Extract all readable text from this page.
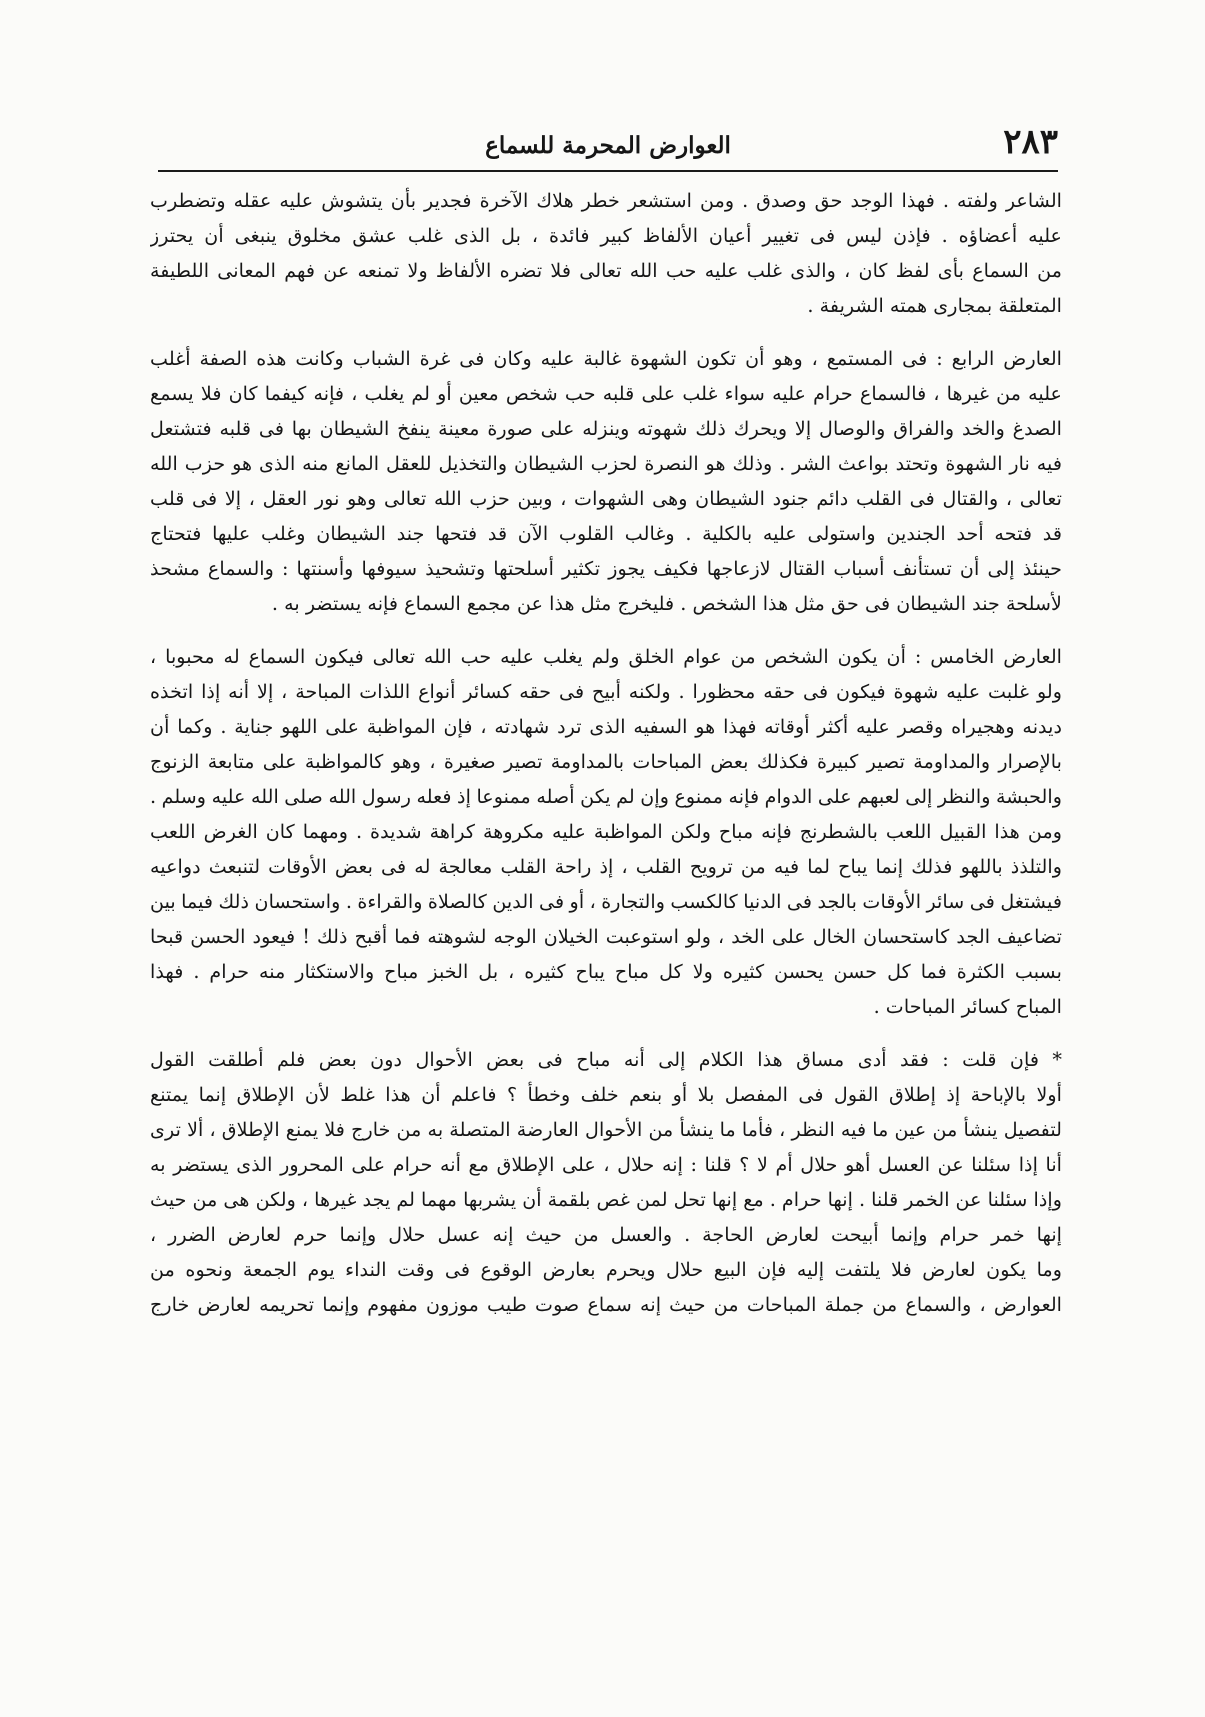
٢٨٣
العوارض المحرمة للسماع
الشاعر ولفته . فهذا الوجد حق وصدق . ومن استشعر خطر هلاك الآخرة فجدير بأن يتشوش عليه عقله وتضطرب
عليه أعضاؤه . فإذن ليس فى تغيير أعيان الألفاظ كبير فائدة ، بل الذى غلب عشق مخلوق ينبغى أن يحترز
من السماع بأى لفظ كان ، والذى غلب عليه حب الله تعالى فلا تضره الألفاظ ولا تمنعه عن فهم المعانى اللطيفة
المتعلقة بمجارى همته الشريفة .
العارض الرابع : فى المستمع ، وهو أن تكون الشهوة غالبة عليه وكان فى غرة الشباب وكانت هذه الصفة أغلب
عليه من غيرها ، فالسماع حرام عليه سواء غلب على قلبه حب شخص معين أو لم يغلب ، فإنه كيفما كان فلا يسمع
الصدغ والخد والفراق والوصال إلا ويحرك ذلك شهوته وينزله على صورة معينة ينفخ الشيطان بها فى قلبه فتشتعل
فيه نار الشهوة وتحتد بواعث الشر . وذلك هو النصرة لحزب الشيطان والتخذيل للعقل المانع منه الذى هو حزب الله
تعالى ، والقتال فى القلب دائم جنود الشيطان وهى الشهوات ، وبين حزب الله تعالى وهو نور العقل ، إلا فى قلب
قد فتحه أحد الجندين واستولى عليه بالكلية . وغالب القلوب الآن قد فتحها جند الشيطان وغلب عليها فتحتاج
حينئذ إلى أن تستأنف أسباب القتال لازعاجها فكيف يجوز تكثير أسلحتها وتشحيذ سيوفها وأسنتها : والسماع مشحذ
لأسلحة جند الشيطان فى حق مثل هذا الشخص . فليخرج مثل هذا عن مجمع السماع فإنه يستضر به .
العارض الخامس : أن يكون الشخص من عوام الخلق ولم يغلب عليه حب الله تعالى فيكون السماع له محبوبا ،
ولو غلبت عليه شهوة فيكون فى حقه محظورا . ولكنه أبيح فى حقه كسائر أنواع اللذات المباحة ، إلا أنه إذا اتخذه
ديدنه وهجيراه وقصر عليه أكثر أوقاته فهذا هو السفيه الذى ترد شهادته ، فإن المواظبة على اللهو جناية . وكما أن
بالإصرار والمداومة تصير كبيرة فكذلك بعض المباحات بالمداومة تصير صغيرة ، وهو كالمواظبة على متابعة الزنوج
والحبشة والنظر إلى لعبهم على الدوام فإنه ممنوع وإن لم يكن أصله ممنوعا إذ فعله رسول الله صلى الله عليه وسلم .
ومن هذا القبيل اللعب بالشطرنج فإنه مباح ولكن المواظبة عليه مكروهة كراهة شديدة . ومهما كان الغرض اللعب
والتلذذ باللهو فذلك إنما يباح لما فيه من ترويح القلب ، إذ راحة القلب معالجة له فى بعض الأوقات لتنبعث دواعيه
فيشتغل فى سائر الأوقات بالجد فى الدنيا كالكسب والتجارة ، أو فى الدين كالصلاة والقراءة . واستحسان ذلك فيما بين
تضاعيف الجد كاستحسان الخال على الخد ، ولو استوعبت الخيلان الوجه لشوهته فما أقبح ذلك ! فيعود الحسن قبحا
بسبب الكثرة فما كل حسن يحسن كثيره ولا كل مباح يباح كثيره ، بل الخبز مباح والاستكثار منه حرام . فهذا
المباح كسائر المباحات .
* فإن قلت : فقد أدى مساق هذا الكلام إلى أنه مباح فى بعض الأحوال دون بعض فلم أطلقت القول
أولا بالإباحة إذ إطلاق القول فى المفصل بلا أو بنعم خلف وخطأ ؟ فاعلم أن هذا غلط لأن الإطلاق إنما يمتنع
لتفصيل ينشأ من عين ما فيه النظر ، فأما ما ينشأ من الأحوال العارضة المتصلة به من خارج فلا يمنع الإطلاق ، ألا ترى
أنا إذا سئلنا عن العسل أهو حلال أم لا ؟ قلنا : إنه حلال ، على الإطلاق مع أنه حرام على المحرور الذى يستضر به
وإذا سئلنا عن الخمر قلنا . إنها حرام . مع إنها تحل لمن غص بلقمة أن يشربها مهما لم يجد غيرها ، ولكن هى من حيث
إنها خمر حرام وإنما أبيحت لعارض الحاجة . والعسل من حيث إنه عسل حلال وإنما حرم لعارض الضرر ،
وما يكون لعارض فلا يلتفت إليه فإن البيع حلال ويحرم بعارض الوقوع فى وقت النداء يوم الجمعة ونحوه من
العوارض ، والسماع من جملة المباحات من حيث إنه سماع صوت طيب موزون مفهوم وإنما تحريمه لعارض خارج
